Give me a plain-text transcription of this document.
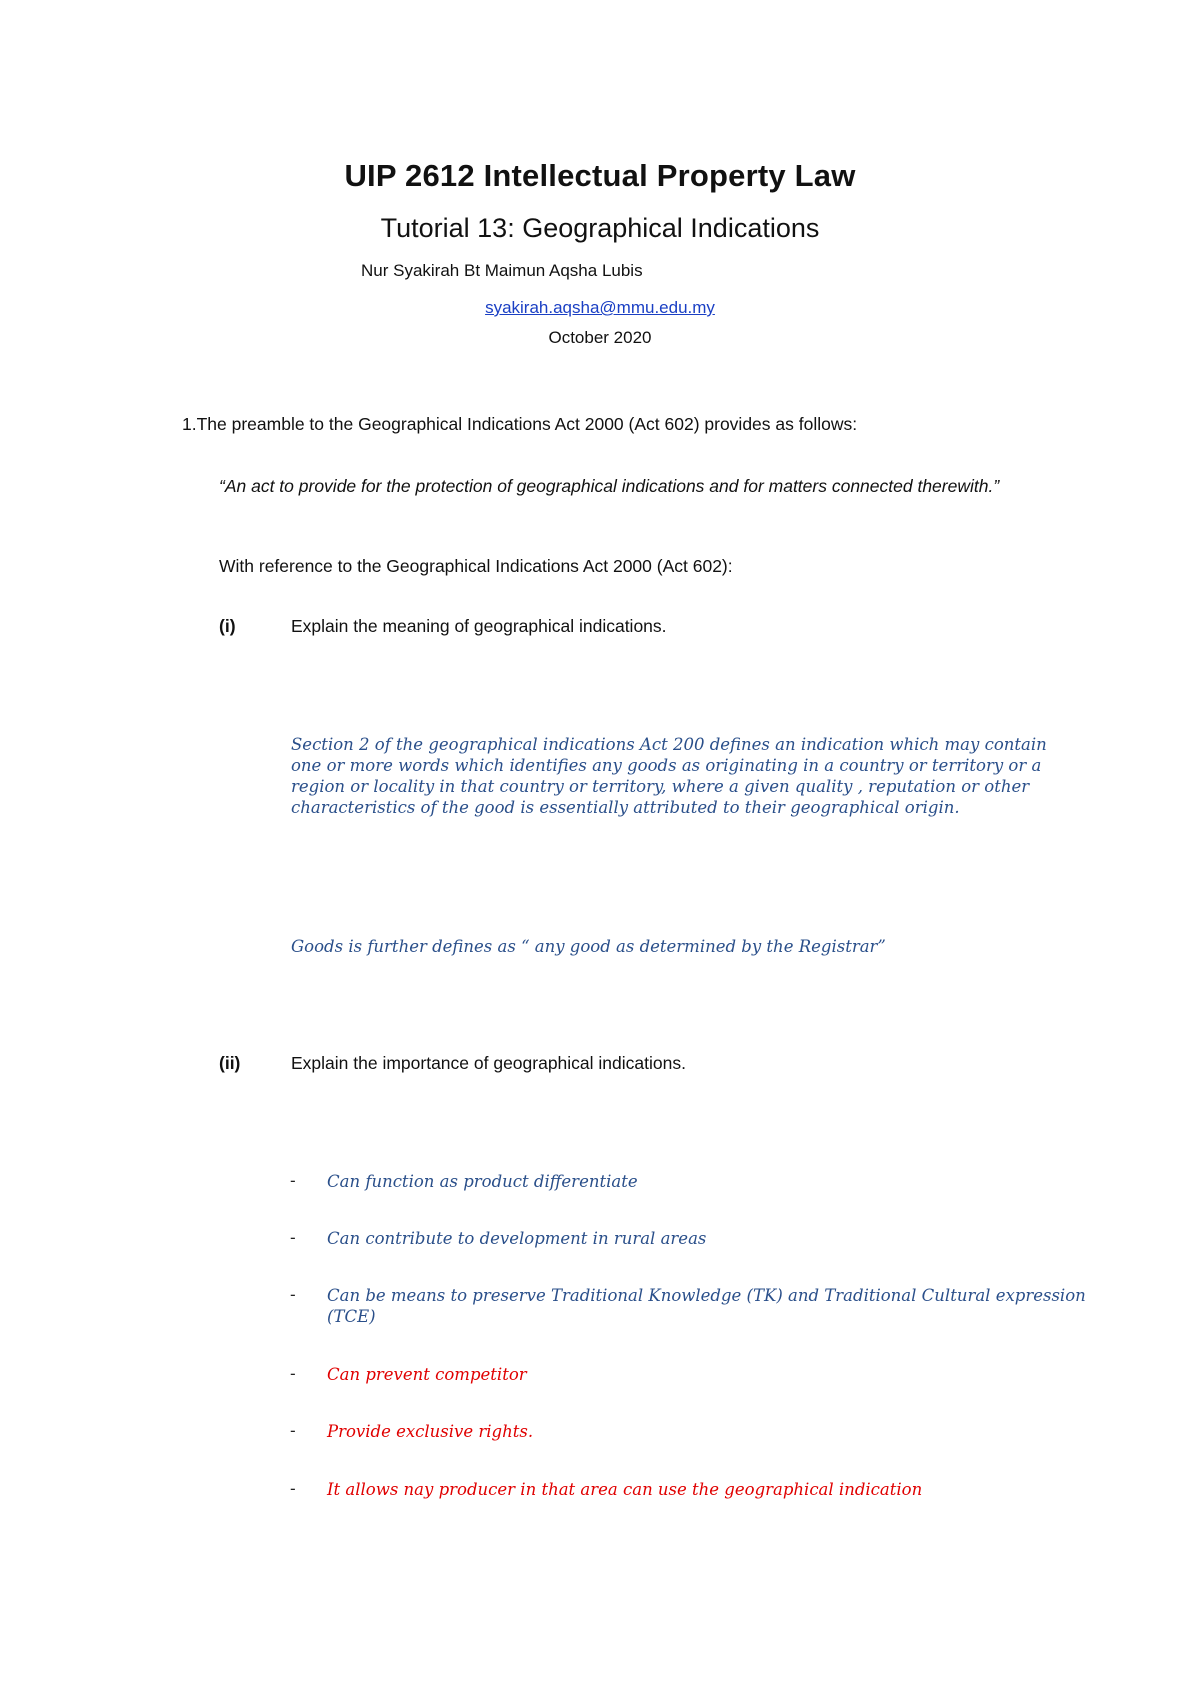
UIP 2612 Intellectual Property Law
Tutorial 13: Geographical Indications
Nur Syakirah Bt Maimun Aqsha Lubis
syakirah.aqsha@mmu.edu.my
October 2020
1.The preamble to the Geographical Indications Act 2000 (Act 602) provides as follows:
“An act to provide for the protection of geographical indications and for matters connected therewith.”
With reference to the Geographical Indications Act 2000 (Act 602):
(i)	Explain the meaning of geographical indications.
Section 2 of the geographical indications Act 200 defines an indication which may contain one or more words which identifies any goods as originating in a country or territory or a region or locality in that country or territory, where a given quality , reputation or other characteristics of the good is essentially attributed to their geographical origin.
Goods is further defines as “ any good as determined by the Registrar”
(ii)	Explain the importance of geographical indications.
- Can function as product differentiate
- Can contribute to development in rural areas
- Can be means to preserve Traditional Knowledge (TK) and Traditional Cultural expression (TCE)
- Can prevent competitor
- Provide exclusive rights.
- It allows nay producer in that area can use the geographical indication
